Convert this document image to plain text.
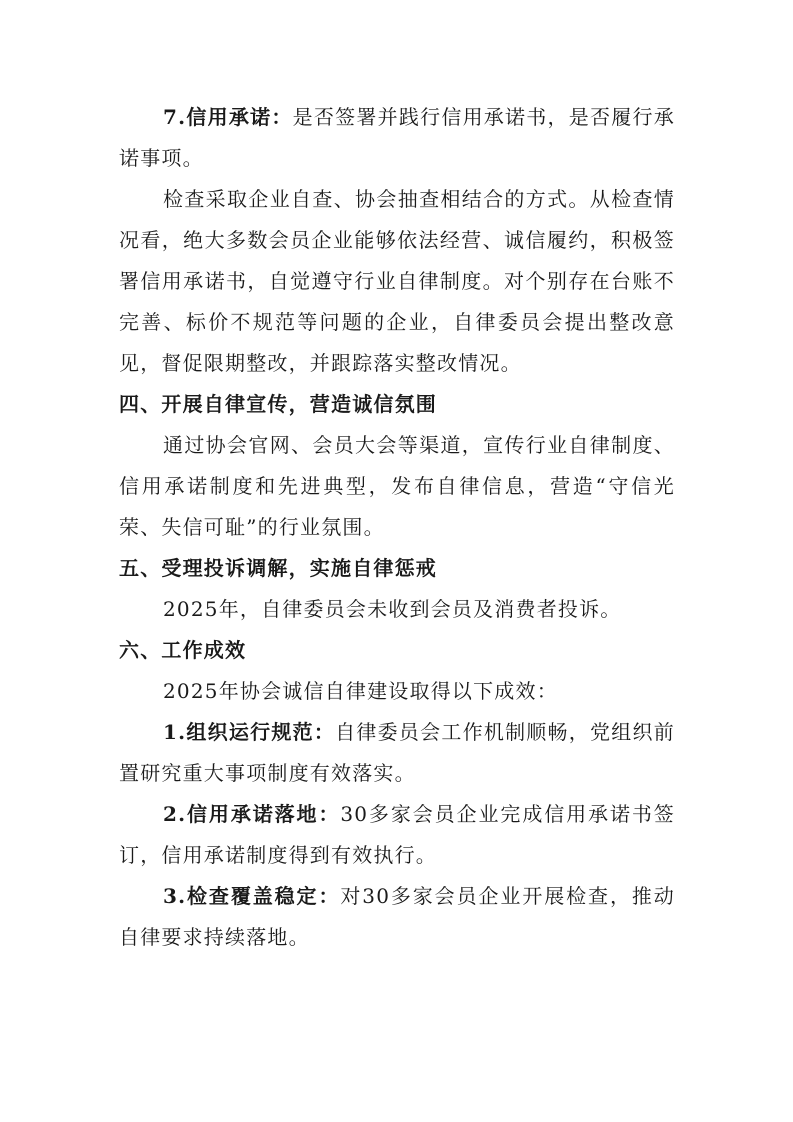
7.信用承诺：是否签署并践行信用承诺书，是否履行承诺事项。

检查采取企业自查、协会抽查相结合的方式。从检查情况看，绝大多数会员企业能够依法经营、诚信履约，积极签署信用承诺书，自觉遵守行业自律制度。对个别存在台账不完善、标价不规范等问题的企业，自律委员会提出整改意见，督促限期整改，并跟踪落实整改情况。

四、开展自律宣传，营造诚信氛围

通过协会官网、会员大会等渠道，宣传行业自律制度、信用承诺制度和先进典型，发布自律信息，营造“守信光荣、失信可耻”的行业氛围。

五、受理投诉调解，实施自律惩戒

2025年，自律委员会未收到会员及消费者投诉。

六、工作成效

2025年协会诚信自律建设取得以下成效：

1.组织运行规范：自律委员会工作机制顺畅，党组织前置研究重大事项制度有效落实。

2.信用承诺落地：30多家会员企业完成信用承诺书签订，信用承诺制度得到有效执行。

3.检查覆盖稳定：对30多家会员企业开展检查，推动自律要求持续落地。
